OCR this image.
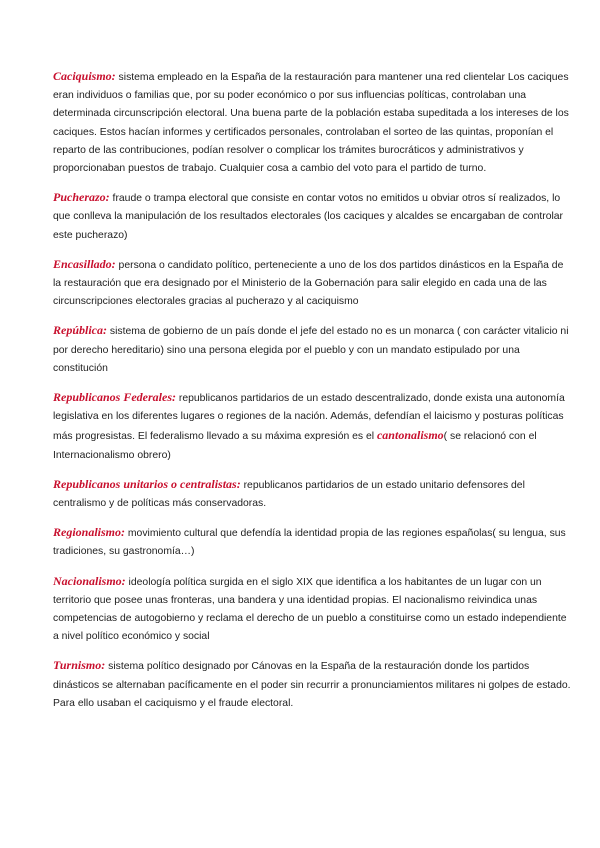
Caciquismo: sistema empleado en la España de la restauración para mantener una red clientelar Los caciques eran individuos o familias que, por su poder económico o por sus influencias políticas, controlaban una determinada circunscripción electoral. Una buena parte de la población estaba supeditada a los intereses de los caciques. Estos hacían informes y certificados personales, controlaban el sorteo de las quintas, proponían el reparto de las contribuciones, podían resolver o complicar los trámites burocráticos y administrativos y proporcionaban puestos de trabajo. Cualquier cosa a cambio del voto para el partido de turno.

Pucherazo: fraude o trampa electoral que consiste en contar votos no emitidos u obviar otros sí realizados, lo que conlleva la manipulación de los resultados electorales (los caciques y alcaldes se encargaban de controlar este pucherazo)

Encasillado: persona o candidato político, perteneciente a uno de los dos partidos dinásticos en la España de la restauración que era designado por el Ministerio de la Gobernación para salir elegido en cada una de las circunscripciones electorales gracias al pucherazo y al caciquismo

República: sistema de gobierno de un país donde el jefe del estado no es un monarca ( con carácter vitalicio ni por derecho hereditario) sino una persona elegida por el pueblo y con un mandato estipulado por una constitución

Republicanos Federales: republicanos partidarios de un estado descentralizado, donde exista una autonomía legislativa en los diferentes lugares o regiones de la nación. Además, defendían el laicismo y posturas políticas más progresistas. El federalismo llevado a su máxima expresión es el cantonalismo( se relacionó con el Internacionalismo obrero)

Republicanos unitarios o centralistas: republicanos partidarios de un estado unitario defensores del centralismo y de políticas más conservadoras.

Regionalismo: movimiento cultural que defendía la identidad propia de las regiones españolas( su lengua, sus tradiciones, su gastronomía…)

Nacionalismo: ideología política surgida en el siglo XIX que identifica a los habitantes de un lugar con un territorio que posee unas fronteras, una bandera y una identidad propias. El nacionalismo reivindica unas competencias de autogobierno y reclama el derecho de un pueblo a constituirse como un estado independiente a nivel político económico y social

Turnismo: sistema político designado por Cánovas en la España de la restauración donde los partidos dinásticos se alternaban pacíficamente en el poder sin recurrir a pronunciamientos militares ni golpes de estado. Para ello usaban el caciquismo y el fraude electoral.
